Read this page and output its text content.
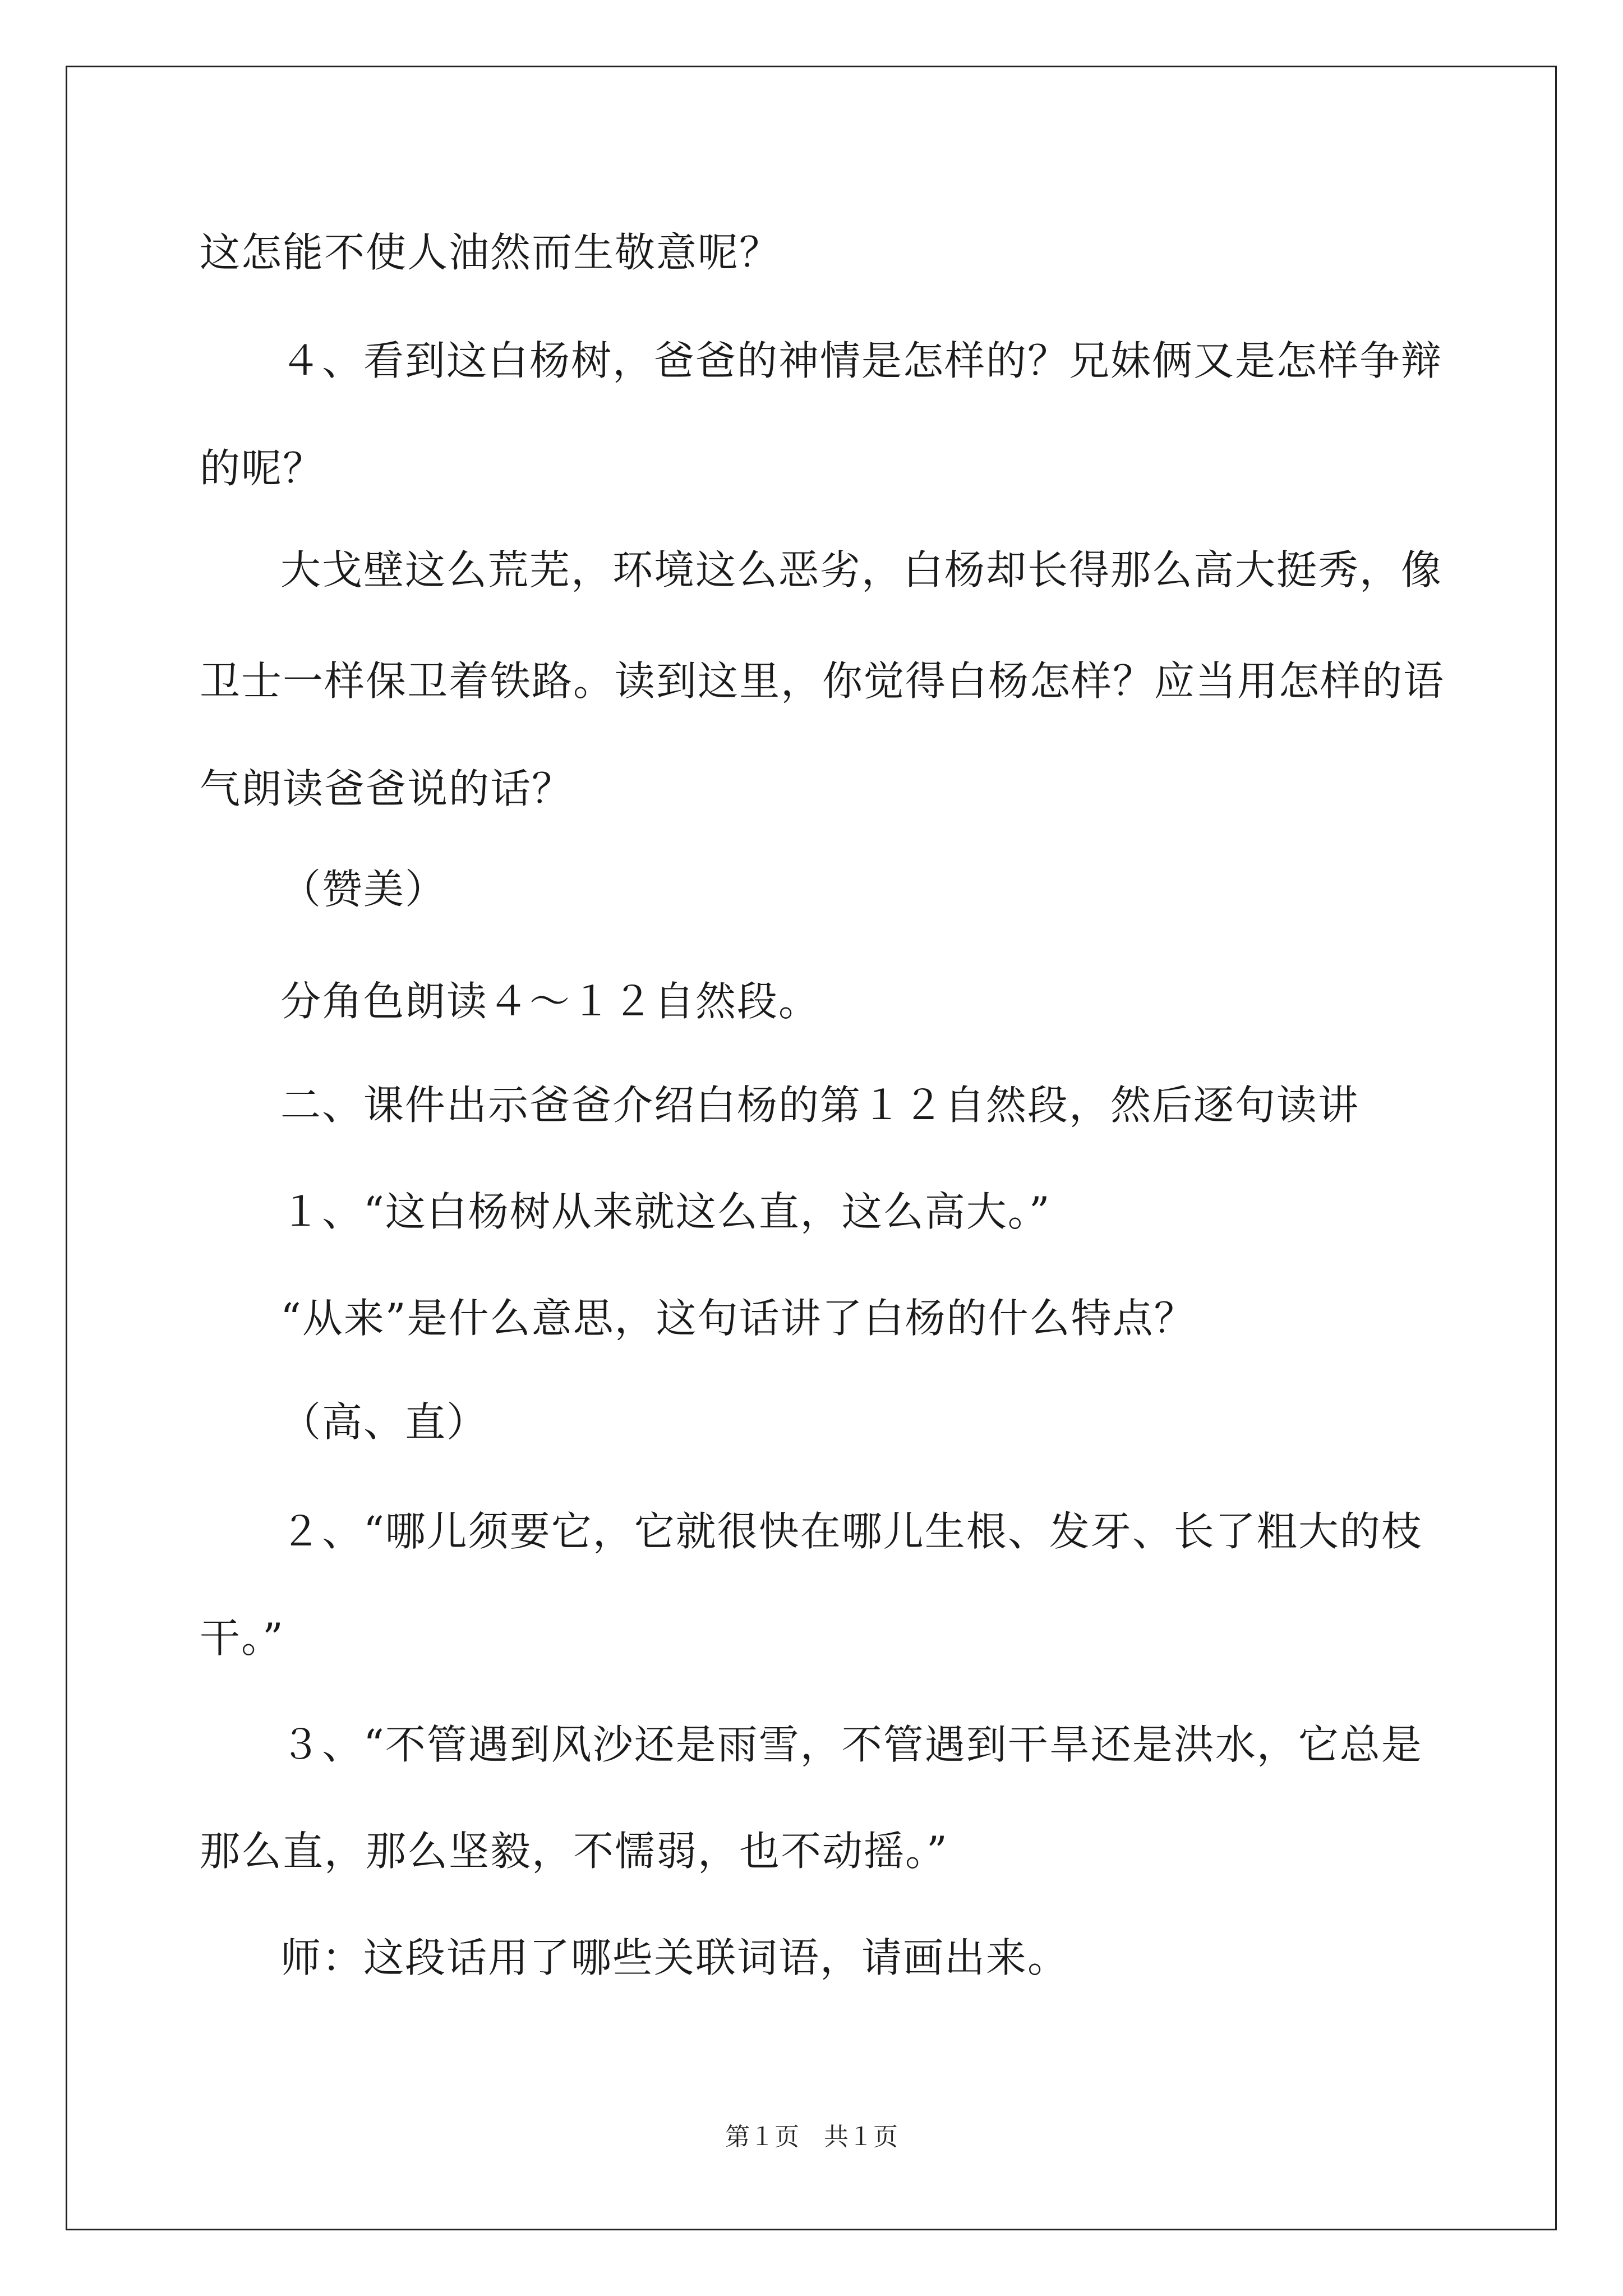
这怎能不使人油然而生敬意呢？
４、看到这白杨树，爸爸的神情是怎样的？兄妹俩又是怎样争辩
的呢？
大戈壁这么荒芜，环境这么恶劣，白杨却长得那么高大挺秀，像
卫士一样保卫着铁路。读到这里，你觉得白杨怎样？应当用怎样的语
气朗读爸爸说的话？
（赞美）
分角色朗读４～１２自然段。
二、课件出示爸爸介绍白杨的第１２自然段，然后逐句读讲
１、“这白杨树从来就这么直，这么高大。”
“从来”是什么意思，这句话讲了白杨的什么特点？
（高、直）
２、“哪儿须要它，它就很快在哪儿生根、发牙、长了粗大的枝
干。”
３、“不管遇到风沙还是雨雪，不管遇到干旱还是洪水，它总是
那么直，那么坚毅，不懦弱，也不动摇。”
师：这段话用了哪些关联词语，请画出来。
第１页　共１页
